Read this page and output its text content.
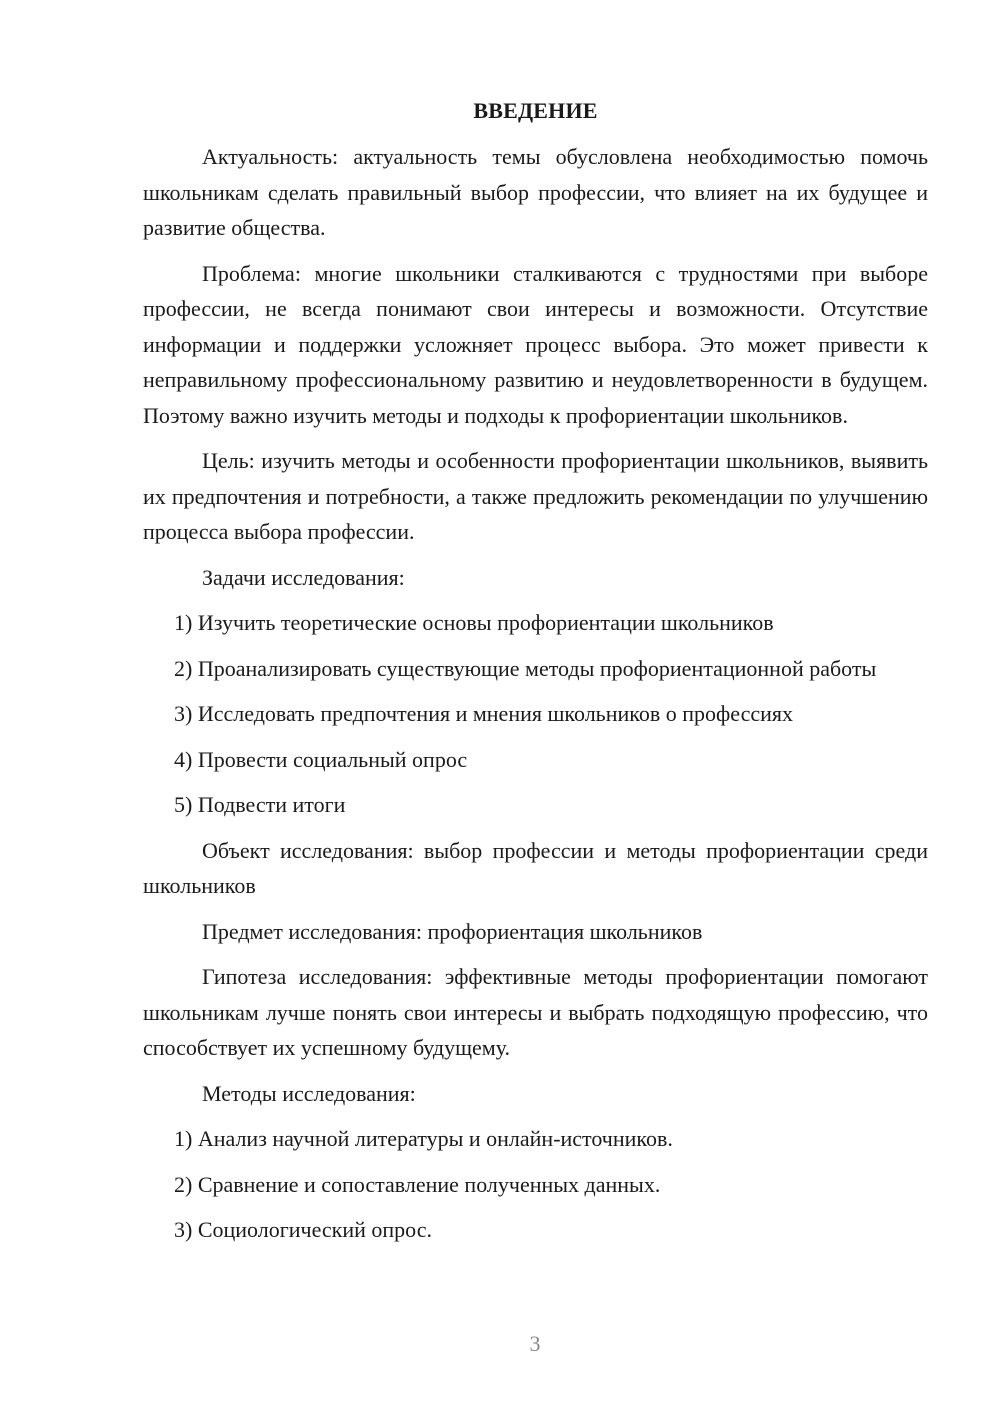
ВВЕДЕНИЕ

Актуальность: актуальность темы обусловлена необходимостью помочь школьникам сделать правильный выбор профессии, что влияет на их будущее и развитие общества.

Проблема: многие школьники сталкиваются с трудностями при выборе профессии, не всегда понимают свои интересы и возможности. Отсутствие информации и поддержки усложняет процесс выбора. Это может привести к неправильному профессиональному развитию и неудовлетворенности в будущем. Поэтому важно изучить методы и подходы к профориентации школьников.

Цель: изучить методы и особенности профориентации школьников, выявить их предпочтения и потребности, а также предложить рекомендации по улучшению процесса выбора профессии.

Задачи исследования:

1) Изучить теоретические основы профориентации школьников

2) Проанализировать существующие методы профориентационной работы

3) Исследовать предпочтения и мнения школьников о профессиях

4) Провести социальный опрос

5) Подвести итоги

Объект исследования: выбор профессии и методы профориентации среди школьников

Предмет исследования: профориентация школьников

Гипотеза исследования: эффективные методы профориентации помогают школьникам лучше понять свои интересы и выбрать подходящую профессию, что способствует их успешному будущему.

Методы исследования:

1) Анализ научной литературы и онлайн-источников.

2) Сравнение и сопоставление полученных данных.

3) Социологический опрос.

3
